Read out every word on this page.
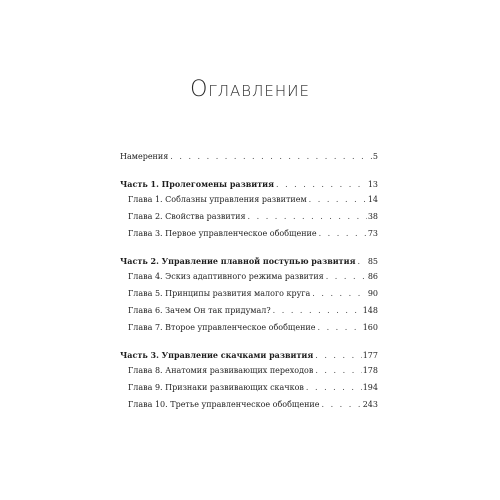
Оглавление
Намерения . . .	5
Часть 1. Пролегомены развития . . .	13
Глава 1. Соблазны управления развитием . . .	14
Глава 2. Свойства развития . . .	38
Глава 3. Первое управленческое обобщение . . .	73
Часть 2. Управление плавной поступью развития . . . 85
Глава 4. Эскиз адаптивного режима развития . . .	86
Глава 5. Принципы развития малого круга . . .	90
Глава 6. Зачем Он так придумал? . . .	148
Глава 7. Второе управленческое обобщение . . .	160
Часть 3. Управление скачками развития . . .	177
Глава 8. Анатомия развивающих переходов . . .	178
Глава 9. Признаки развивающих скачков . . .	194
Глава 10. Третье управленческое обобщение . . .	243
